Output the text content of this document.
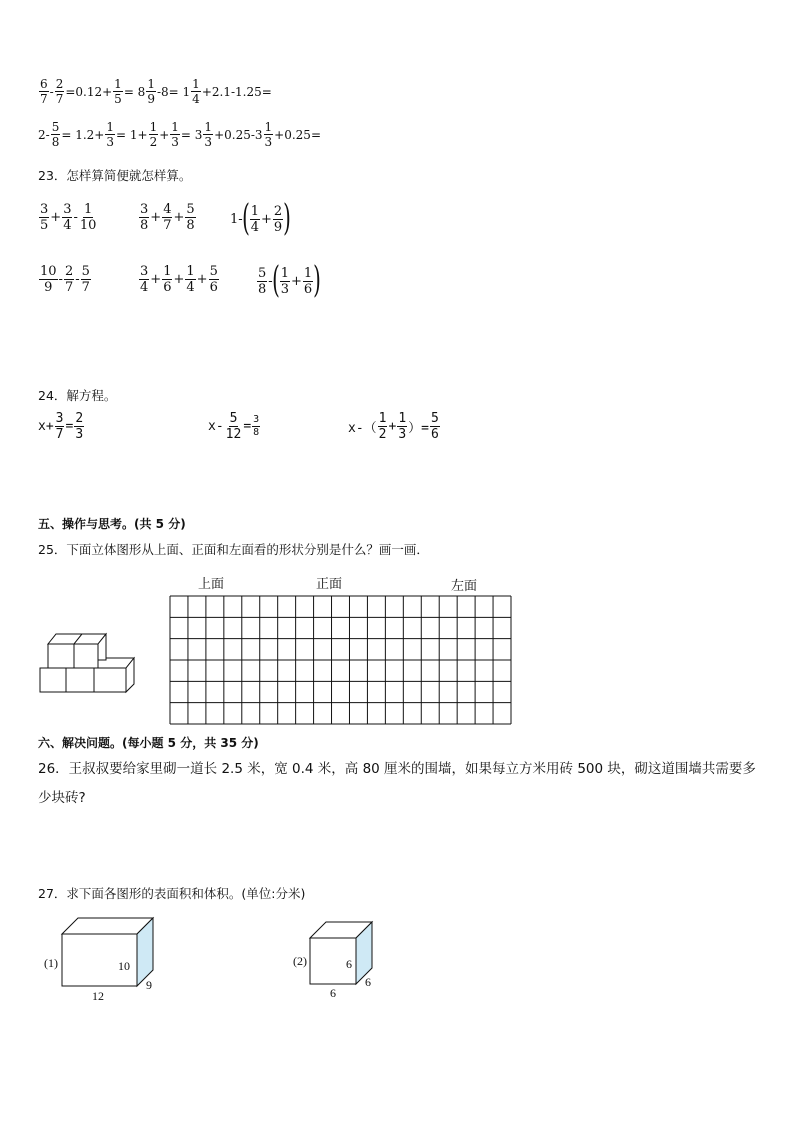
$\frac{6}{7} - \frac{2}{7} =0.12+ \frac{1}{5} = 8 \frac{1}{9} -8= 1 \frac{1}{4} +2.1-1.25=$
$2- \frac{5}{8} = 1.2+ \frac{1}{3} = 1+ \frac{1}{2} + \frac{1}{3} = 3 \frac{1}{3} +0.25-3 \frac{1}{3} +0.25=$
23．怎样算简便就怎样算。
$\frac{3}{5} + \frac{3}{4} - \frac{1}{10}$	$\frac{3}{8} + \frac{4}{7} + \frac{5}{8}$	1- ( $\frac{1}{4} + \frac{2}{9}$ )
$\frac{10}{9} - \frac{2}{7} - \frac{5}{7}$	$\frac{3}{4} + \frac{1}{6} + \frac{1}{4} + \frac{5}{6}$	$\frac{5}{8}$ - ( $\frac{1}{3} + \frac{1}{6}$ )
24．解方程。
$x+ \frac{3}{7} = \frac{2}{3}$	$x- \frac{5}{12} = \frac{3}{8}$	$x-( \frac{1}{2} + \frac{1}{3}$ ）= $\frac{5}{6}$
五、操作与思考。(共 5 分)
25．下面立体图形从上面、正面和左面看的形状分别是什么？画一画．
上面	正面	左面
六、解决问题。(每小题 5 分，共 35 分)
26．王叔叔要给家里砌一道长 2.5 米，宽 0.4 米，高 80 厘米的围墙，如果每立方米用砖 500 块，砌这道围墙共需要多少块砖?
27．求下面各图形的表面积和体积。(单位:分米)
(1)	10
12
9
(2)	6
6
6
